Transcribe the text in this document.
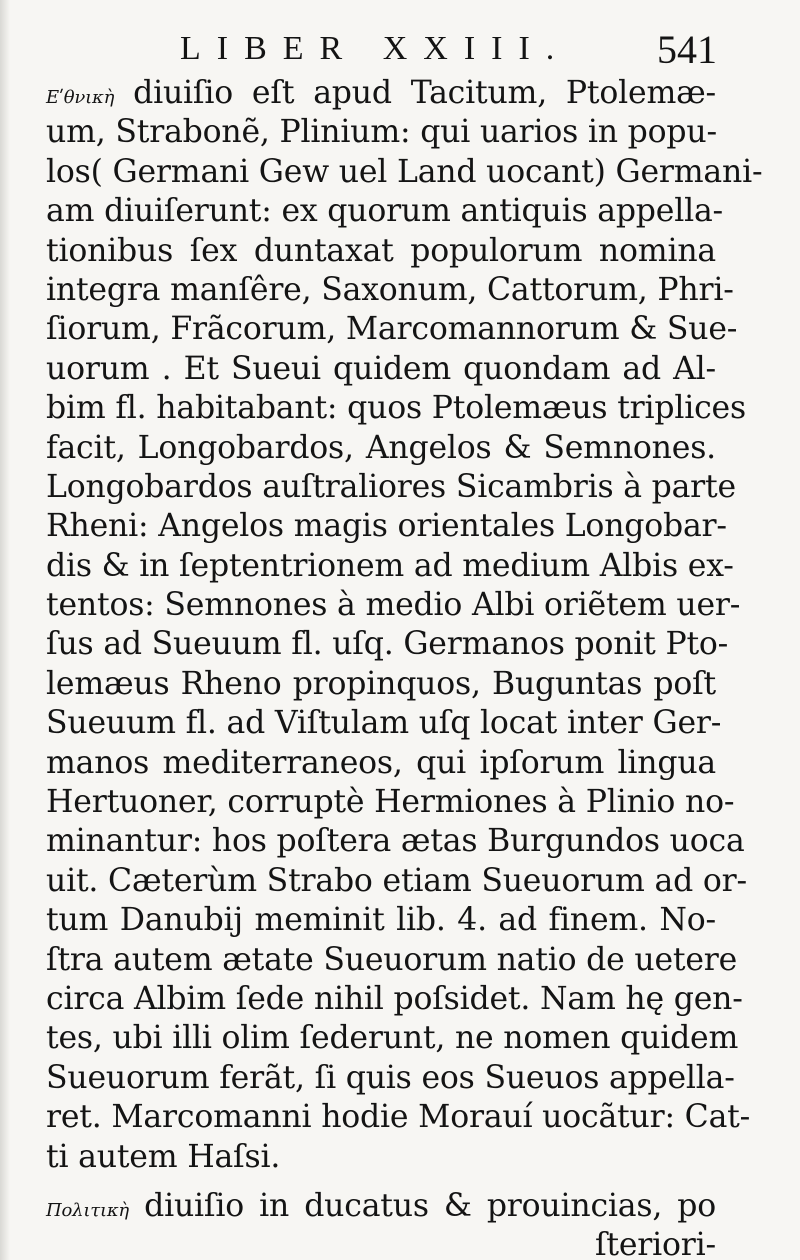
LIBER XXIII. 541
Eʹθνικὴ diuiſio eſt apud Tacitum, Ptolemæ-
um, Strabonẽ, Plinium: qui uarios in popu-
los( Germani Gew uel Land uocant) Germani-
am diuiſerunt: ex quorum antiquis appella-
tionibus ſex duntaxat populorum nomina
integra manſêre, Saxonum, Cattorum, Phri-
ſiorum, Frãcorum, Marcomannorum & Sue-
uorum . Et Sueui quidem quondam ad Al-
bim fl. habitabant: quos Ptolemæus triplices
facit, Longobardos, Angelos & Semnones.
Longobardos auſtraliores Sicambris à parte
Rheni: Angelos magis orientales Longobar-
dis & in ſeptentrionem ad medium Albis ex-
tentos: Semnones à medio Albi oriẽtem uer-
ſus ad Sueuum fl. uſq. Germanos ponit Pto-
lemæus Rheno propinquos, Buguntas poſt
Sueuum fl. ad Viſtulam uſq locat inter Ger-
manos mediterraneos, qui ipſorum lingua
Hertuoner, corruptè Hermiones à Plinio no-
minantur: hos poſtera ætas Burgundos uoca
uit. Cæterùm Strabo etiam Sueuorum ad or-
tum Danubij meminit lib. 4. ad finem. No-
ſtra autem ætate Sueuorum natio de uetere
circa Albim ſede nihil poſsidet. Nam hę gen-
tes, ubi illi olim ſederunt, ne nomen quidem
Sueuorum ferãt, ſi quis eos Sueuos appella-
ret. Marcomanni hodie Morauí uocãtur: Cat-
ti autem Haſsi.
Πολιτικὴ diuiſio in ducatus & prouincias, po
ſteriori-
